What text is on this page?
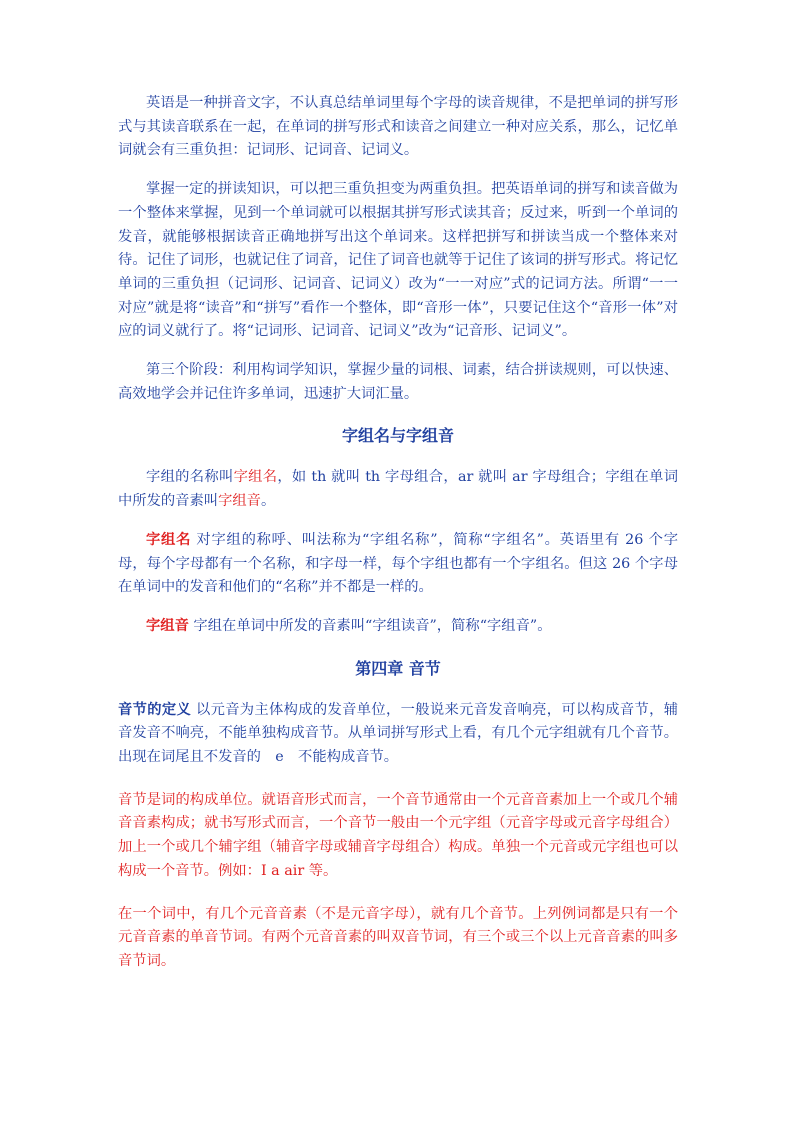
英语是一种拼音文字，不认真总结单词里每个字母的读音规律，不是把单词的拼写形式与其读音联系在一起，在单词的拼写形式和读音之间建立一种对应关系，那么，记忆单词就会有三重负担：记词形、记词音、记词义。

掌握一定的拼读知识，可以把三重负担变为两重负担。把英语单词的拼写和读音做为一个整体来掌握，见到一个单词就可以根据其拼写形式读其音；反过来，听到一个单词的发音，就能够根据读音正确地拼写出这个单词来。这样把拼写和拼读当成一个整体来对待。记住了词形，也就记住了词音，记住了词音也就等于记住了该词的拼写形式。将记忆单词的三重负担（记词形、记词音、记词义）改为“一一对应”式的记词方法。所谓“一一对应”就是将“读音”和“拼写”看作一个整体，即“音形一体”，只要记住这个“音形一体”对应的词义就行了。将“记词形、记词音、记词义”改为“记音形、记词义”。

第三个阶段：利用构词学知识，掌握少量的词根、词素，结合拼读规则，可以快速、高效地学会并记住许多单词，迅速扩大词汇量。

字组名与字组音

字组的名称叫字组名，如 th 就叫 th 字母组合，ar 就叫 ar 字母组合；字组在单词中所发的音素叫字组音。

字组名 对字组的称呼、叫法称为“字组名称”，简称“字组名”。英语里有 26 个字母，每个字母都有一个名称，和字母一样，每个字组也都有一个字组名。但这 26 个字母在单词中的发音和他们的“名称”并不都是一样的。

字组音 字组在单词中所发的音素叫“字组读音”，简称“字组音”。

第四章 音节

音节的定义 以元音为主体构成的发音单位，一般说来元音发音响亮，可以构成音节，辅音发音不响亮，不能单独构成音节。从单词拼写形式上看，有几个元字组就有几个音节。出现在词尾且不发音的　e　不能构成音节。

音节是词的构成单位。就语音形式而言，一个音节通常由一个元音音素加上一个或几个辅音音素构成；就书写形式而言，一个音节一般由一个元字组（元音字母或元音字母组合）加上一个或几个辅字组（辅音字母或辅音字母组合）构成。单独一个元音或元字组也可以构成一个音节。例如：I a air 等。

在一个词中，有几个元音音素（不是元音字母），就有几个音节。上列例词都是只有一个元音音素的单音节词。有两个元音音素的叫双音节词，有三个或三个以上元音音素的叫多音节词。
